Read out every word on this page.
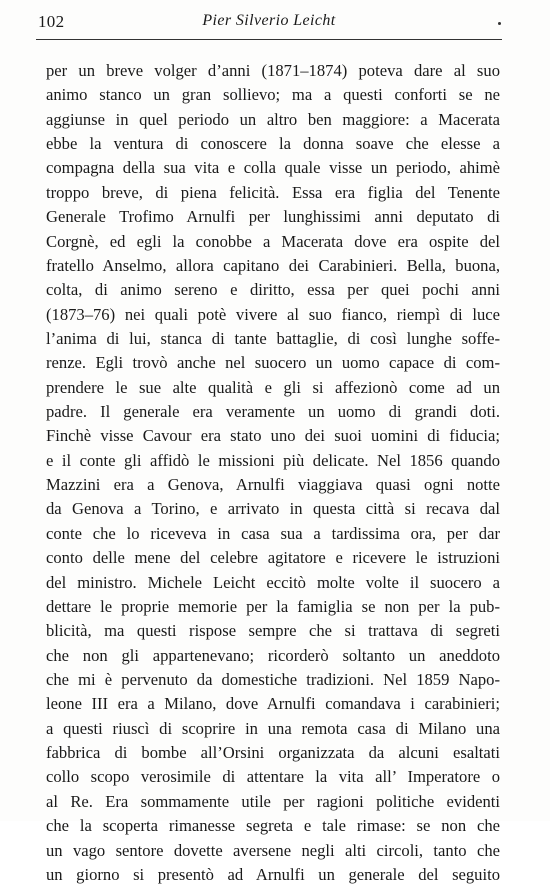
102	Pier Silverio Leicht
per un breve volger d’anni (1871–1874) poteva dare al suo
animo stanco un gran sollievo; ma a questi conforti se ne
aggiunse in quel periodo un altro ben maggiore: a Macerata
ebbe la ventura di conoscere la donna soave che elesse a
compagna della sua vita e colla quale visse un periodo, ahimè
troppo breve, di piena felicità. Essa era figlia del Tenente
Generale Trofimo Arnulfi per lunghissimi anni deputato di
Corgnè, ed egli la conobbe a Macerata dove era ospite del
fratello Anselmo, allora capitano dei Carabinieri. Bella, buona,
colta, di animo sereno e diritto, essa per quei pochi anni
(1873–76) nei quali potè vivere al suo fianco, riempì di luce
l’anima di lui, stanca di tante battaglie, di così lunghe soffe-
renze. Egli trovò anche nel suocero un uomo capace di com-
prendere le sue alte qualità e gli si affezionò come ad un
padre. Il generale era veramente un uomo di grandi doti.
Finchè visse Cavour era stato uno dei suoi uomini di fiducia;
e il conte gli affidò le missioni più delicate. Nel 1856 quando
Mazzini era a Genova, Arnulfi viaggiava quasi ogni notte
da Genova a Torino, e arrivato in questa città si recava dal
conte che lo riceveva in casa sua a tardissima ora, per dar
conto delle mene del celebre agitatore e ricevere le istruzioni
del ministro. Michele Leicht eccitò molte volte il suocero a
dettare le proprie memorie per la famiglia se non per la pub-
blicità, ma questi rispose sempre che si trattava di segreti
che non gli appartenevano; ricorderò soltanto un aneddoto
che mi è pervenuto da domestiche tradizioni. Nel 1859 Napo-
leone III era a Milano, dove Arnulfi comandava i carabinieri;
a questi riuscì di scoprire in una remota casa di Milano una
fabbrica di bombe all’Orsini organizzata da alcuni esaltati
collo scopo verosimile di attentare la vita all’ Imperatore o
al Re. Era sommamente utile per ragioni politiche evidenti
che la scoperta rimanesse segreta e tale rimase: se non che
un vago sentore dovette aversene negli alti circoli, tanto che
un giorno si presentò ad Arnulfi un generale del seguito
